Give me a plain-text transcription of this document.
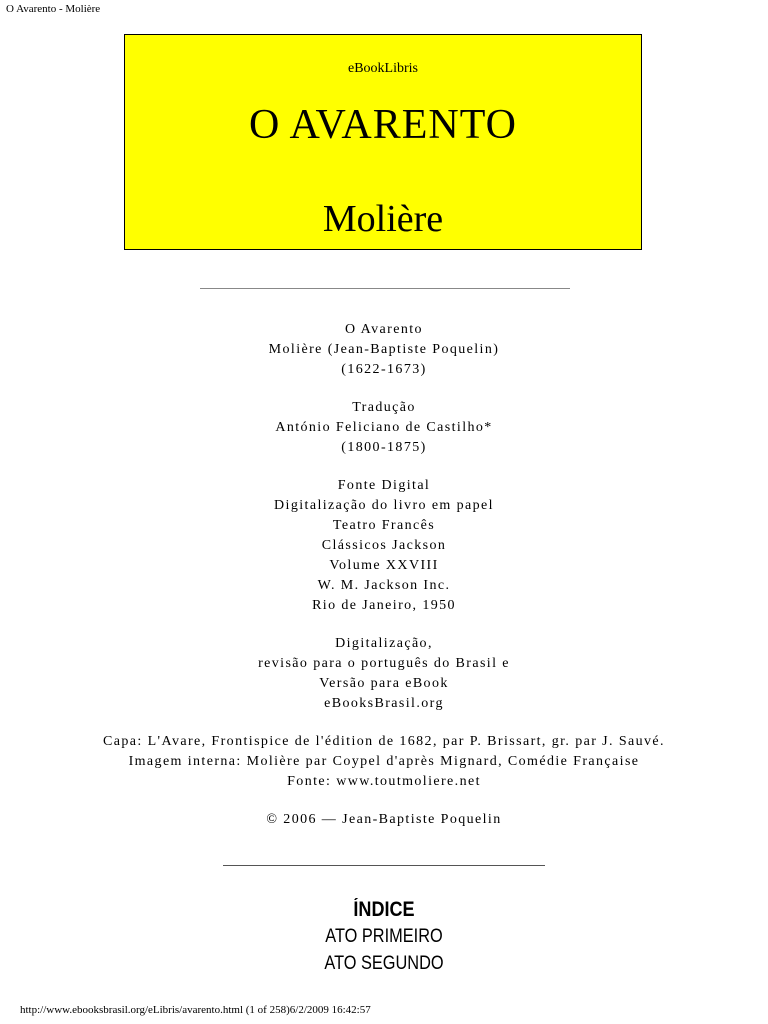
O Avarento - Molière
eBookLibris
O AVARENTO
Molière
O Avarento
Molière (Jean-Baptiste Poquelin)
(1622-1673)
Tradução
António Feliciano de Castilho*
(1800-1875)
Fonte Digital
Digitalização do livro em papel
Teatro Francês
Clássicos Jackson
Volume XXVIII
W. M. Jackson Inc.
Rio de Janeiro, 1950
Digitalização,
revisão para o português do Brasil e
Versão para eBook
eBooksBrasil.org
Capa: L'Avare, Frontispice de l'édition de 1682, par P. Brissart, gr. par J. Sauvé.
Imagem interna: Molière par Coypel d'après Mignard, Comédie Française
Fonte: www.toutmoliere.net
© 2006 — Jean-Baptiste Poquelin
ÍNDICE
ATO PRIMEIRO
ATO SEGUNDO
http://www.ebooksbrasil.org/eLibris/avarento.html (1 of 258)6/2/2009 16:42:57
